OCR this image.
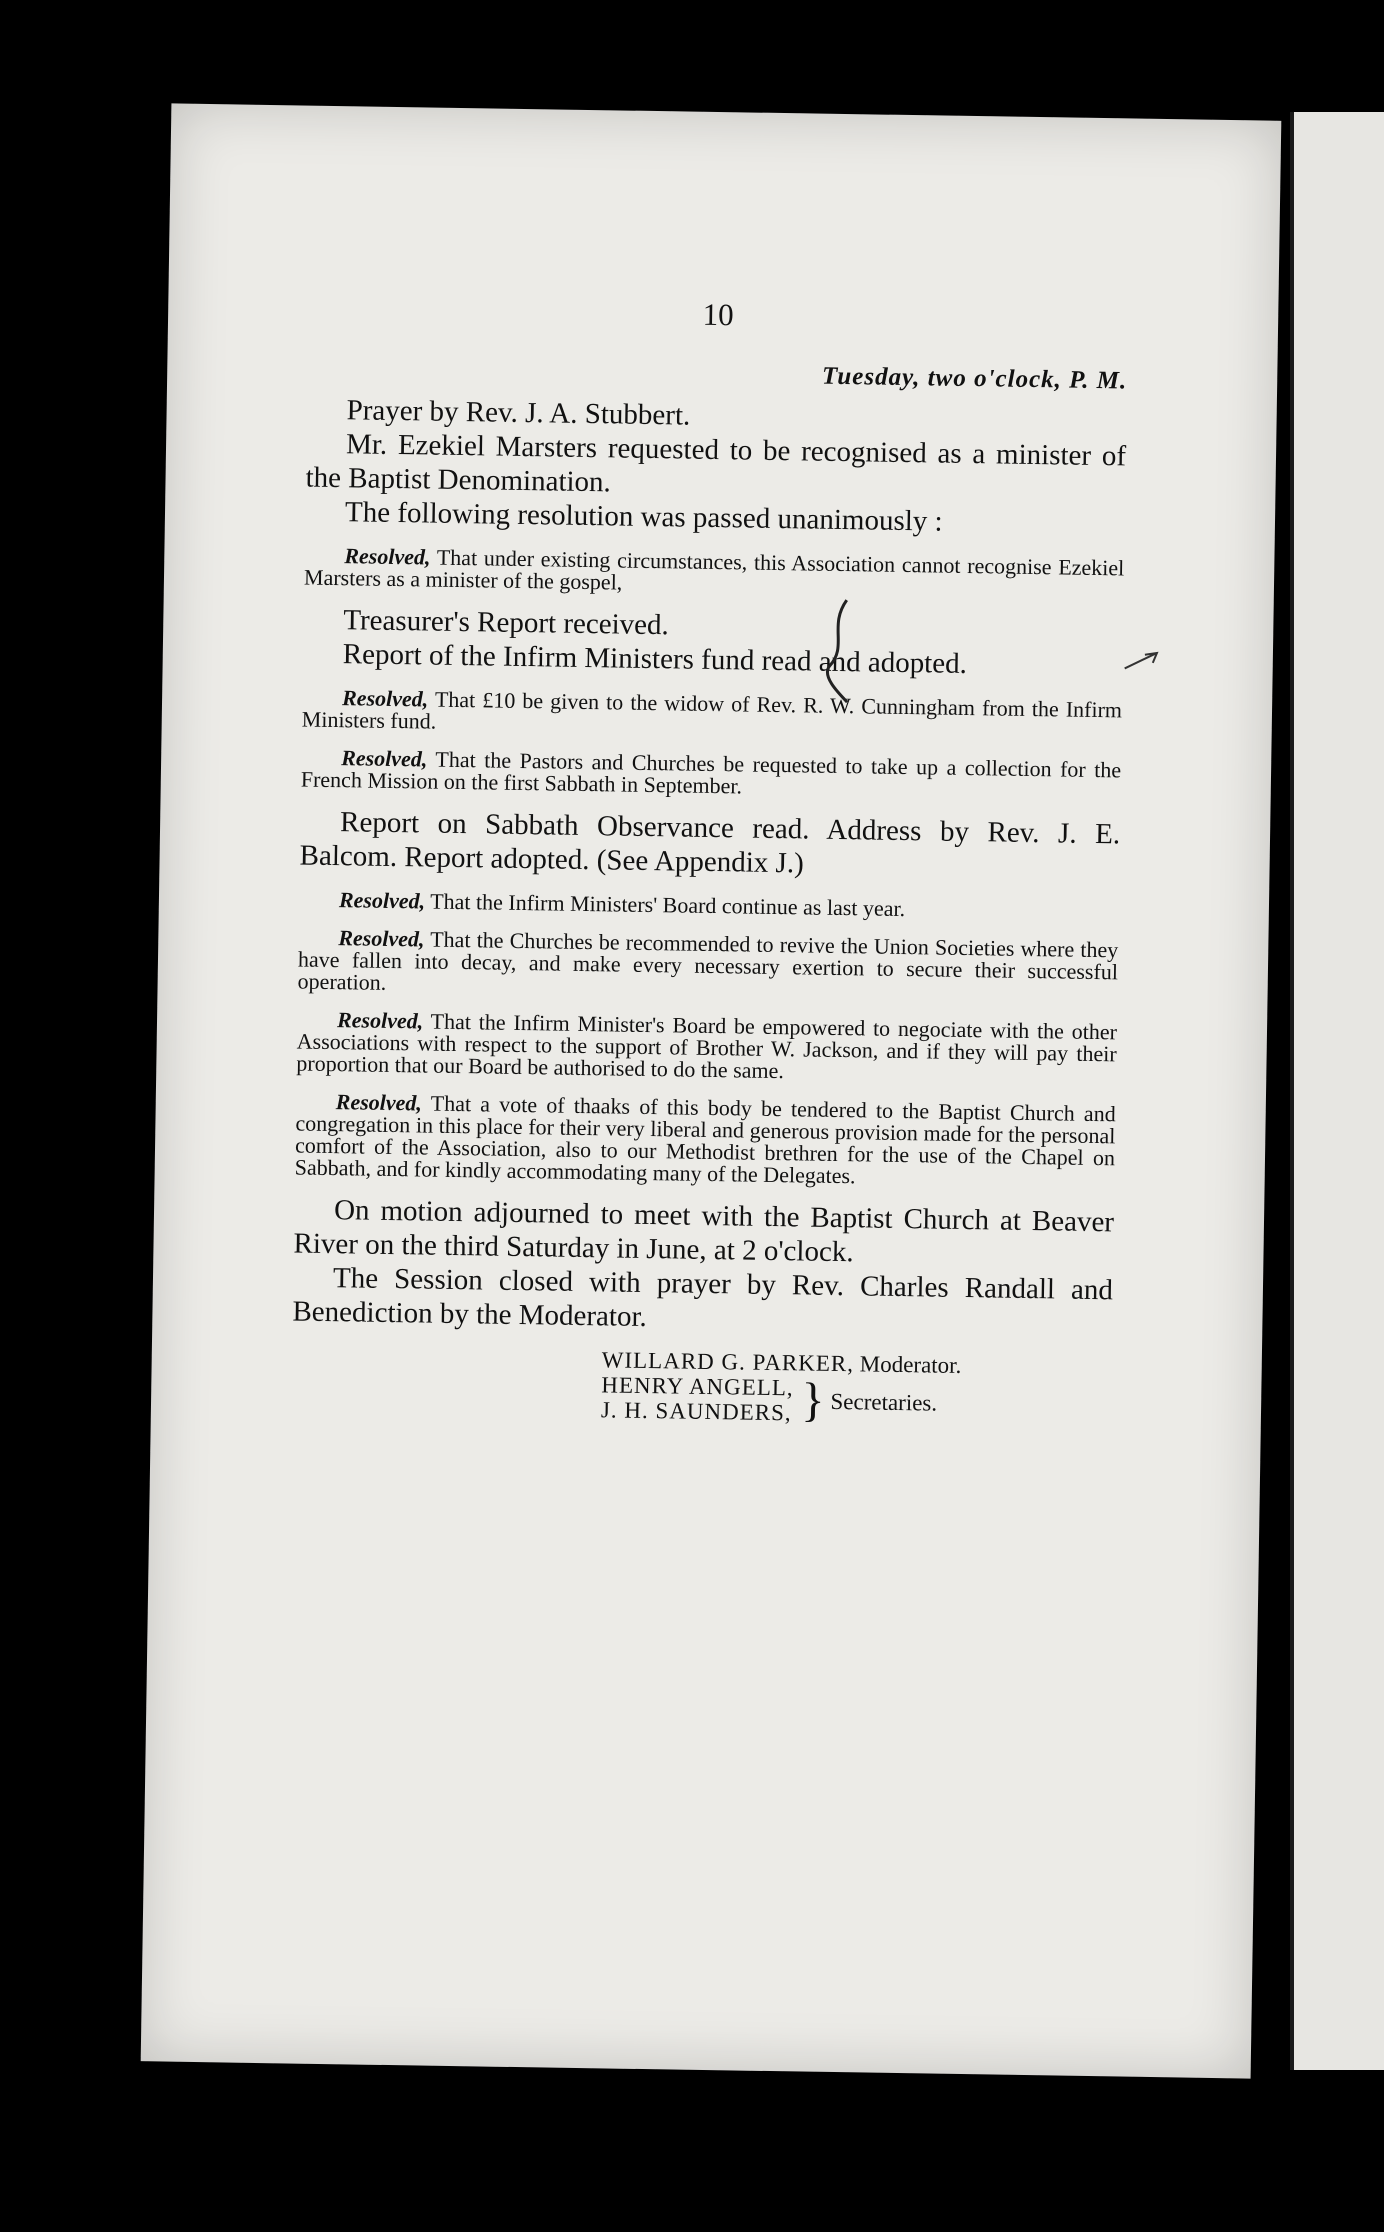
10
Tuesday, two o'clock, P. M.

Prayer by Rev. J. A. Stubbert.

Mr. Ezekiel Marsters requested to be recognised as a minister of the Baptist Denomination.

The following resolution was passed unanimously :

Resolved, That under existing circumstances, this Association cannot recognise Ezekiel Marsters as a minister of the gospel,

Treasurer's Report received.

Report of the Infirm Ministers fund read and adopted.

Resolved, That £10 be given to the widow of Rev. R. W. Cunningham from the Infirm Ministers fund.

Resolved, That the Pastors and Churches be requested to take up a collection for the French Mission on the first Sabbath in September.

Report on Sabbath Observance read. Address by Rev. J. E. Balcom. Report adopted. (See Appendix J.)

Resolved, That the Infirm Ministers' Board continue as last year.

Resolved, That the Churches be recommended to revive the Union Societies where they have fallen into decay, and make every necessary exertion to secure their successful operation.

Resolved, That the Infirm Minister's Board be empowered to negociate with the other Associations with respect to the support of Brother W. Jackson, and if they will pay their proportion that our Board be authorised to do the same.

Resolved, That a vote of thaaks of this body be tendered to the Baptist Church and congregation in this place for their very liberal and generous provision made for the personal comfort of the Association, also to our Methodist brethren for the use of the Chapel on Sabbath, and for kindly accommodating many of the Delegates.

On motion adjourned to meet with the Baptist Church at Beaver River on the third Saturday in June, at 2 o'clock.

The Session closed with prayer by Rev. Charles Randall and Benediction by the Moderator.

WILLARD G. PARKER, Moderator.
HENRY ANGELL,
J. H. SAUNDERS, } Secretaries.
